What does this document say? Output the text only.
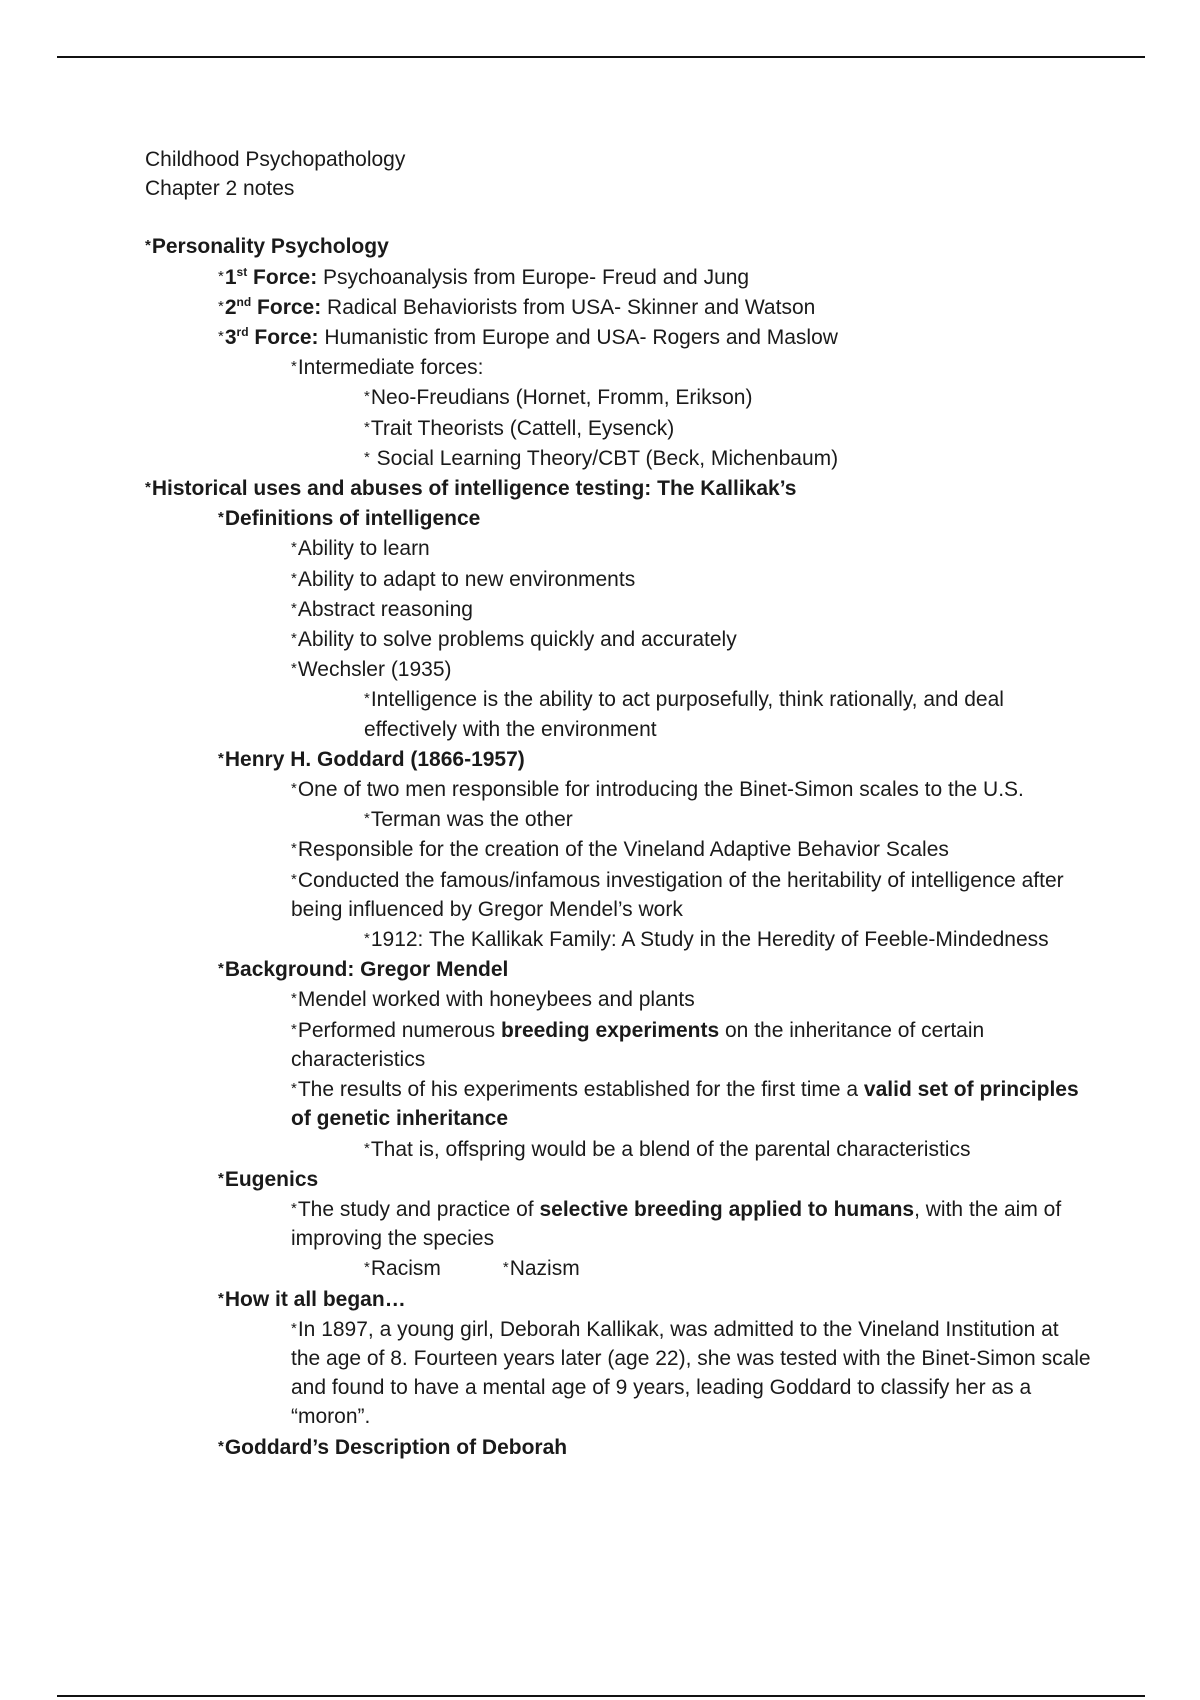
Childhood Psychopathology
Chapter 2 notes
*Personality Psychology
*1st Force: Psychoanalysis from Europe- Freud and Jung
*2nd Force: Radical Behaviorists from USA- Skinner and Watson
*3rd Force: Humanistic from Europe and USA- Rogers and Maslow
*Intermediate forces:
*Neo-Freudians (Hornet, Fromm, Erikson)
*Trait Theorists (Cattell, Eysenck)
* Social Learning Theory/CBT (Beck, Michenbaum)
*Historical uses and abuses of intelligence testing: The Kallikak’s
*Definitions of intelligence
*Ability to learn
*Ability to adapt to new environments
*Abstract reasoning
*Ability to solve problems quickly and accurately
*Wechsler (1935)
*Intelligence is the ability to act purposefully, think rationally, and deal effectively with the environment
*Henry H. Goddard (1866-1957)
*One of two men responsible for introducing the Binet-Simon scales to the U.S.
*Terman was the other
*Responsible for the creation of the Vineland Adaptive Behavior Scales
*Conducted the famous/infamous investigation of the heritability of intelligence after being influenced by Gregor Mendel’s work
*1912: The Kallikak Family: A Study in the Heredity of Feeble-Mindedness
*Background: Gregor Mendel
*Mendel worked with honeybees and plants
*Performed numerous breeding experiments on the inheritance of certain characteristics
*The results of his experiments established for the first time a valid set of principles of genetic inheritance
*That is, offspring would be a blend of the parental characteristics
*Eugenics
*The study and practice of selective breeding applied to humans, with the aim of improving the species
*Racism	*Nazism
*How it all began…
*In 1897, a young girl, Deborah Kallikak, was admitted to the Vineland Institution at the age of 8. Fourteen years later (age 22), she was tested with the Binet-Simon scale and found to have a mental age of 9 years, leading Goddard to classify her as a “moron”.
*Goddard’s Description of Deborah
